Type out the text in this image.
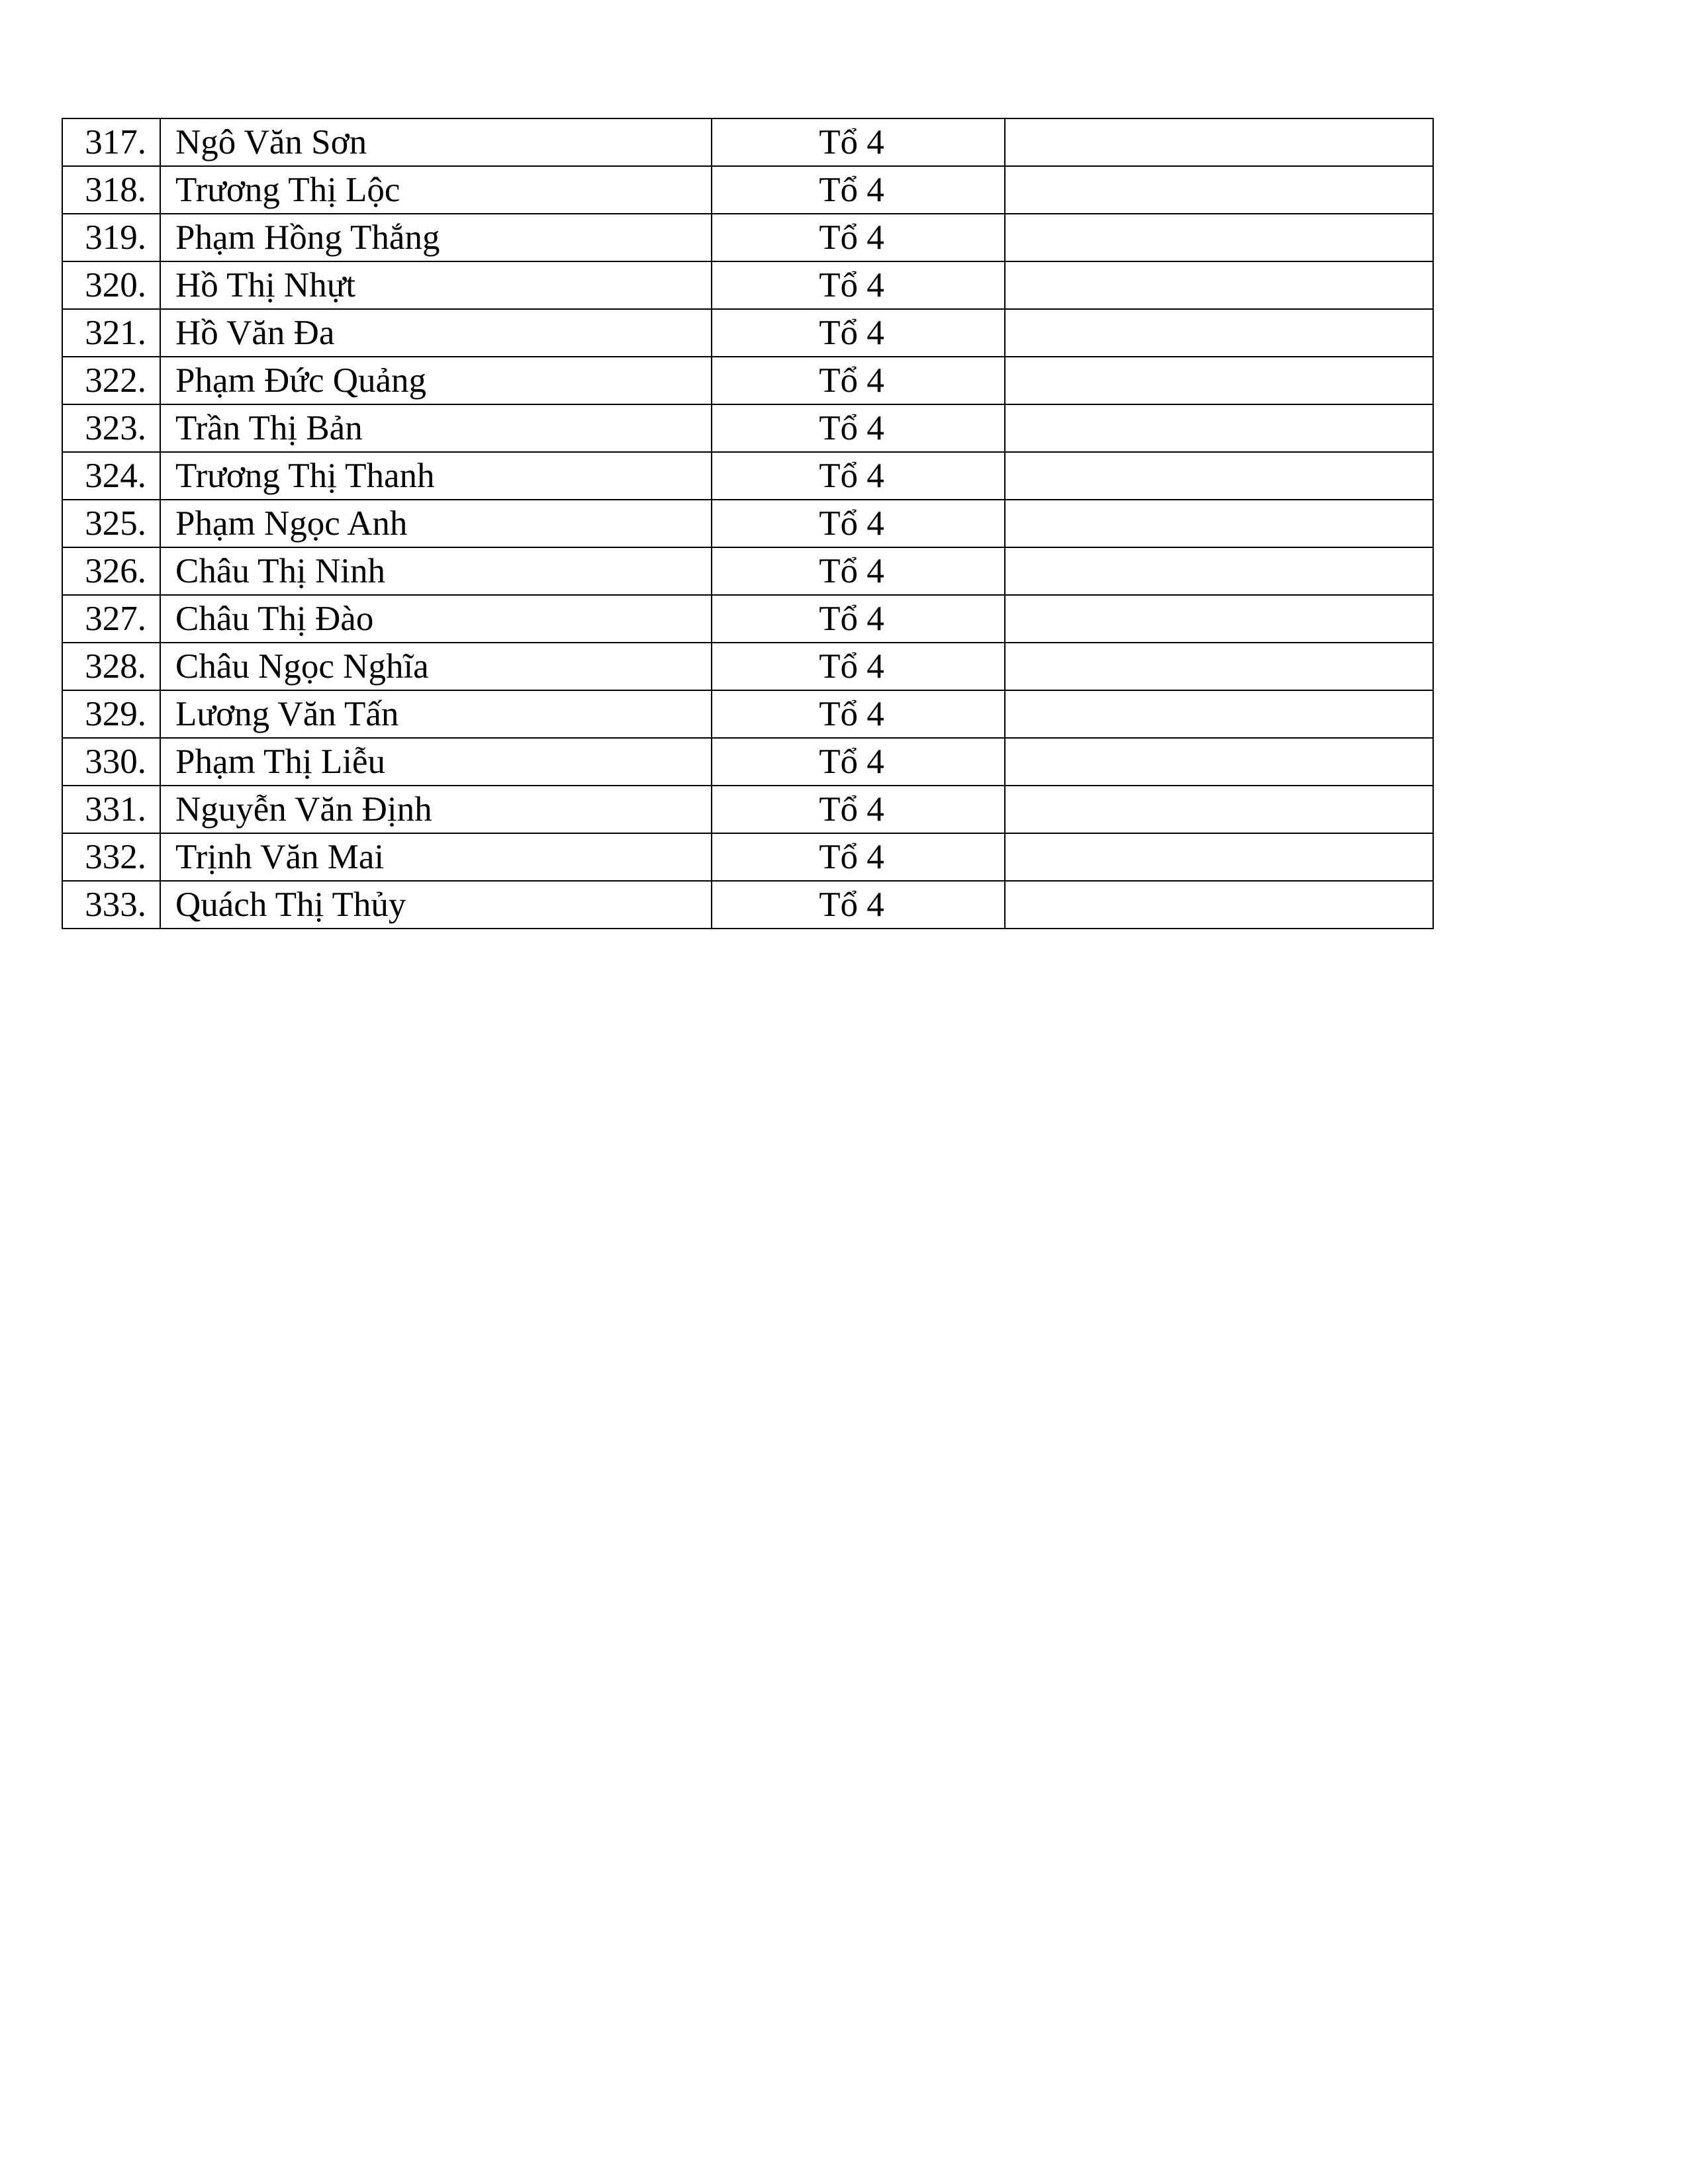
317.	Ngô Văn Sơn	Tổ 4	
318.	Trương Thị Lộc	Tổ 4	
319.	Phạm Hồng Thắng	Tổ 4	
320.	Hồ Thị Nhựt	Tổ 4	
321.	Hồ Văn Đa	Tổ 4	
322.	Phạm Đức Quảng	Tổ 4	
323.	Trần Thị Bản	Tổ 4	
324.	Trương Thị Thanh	Tổ 4	
325.	Phạm Ngọc Anh	Tổ 4	
326.	Châu Thị Ninh	Tổ 4	
327.	Châu Thị Đào	Tổ 4	
328.	Châu Ngọc Nghĩa	Tổ 4	
329.	Lương Văn Tấn	Tổ 4	
330.	Phạm Thị Liễu	Tổ 4	
331.	Nguyễn Văn Định	Tổ 4	
332.	Trịnh Văn Mai	Tổ 4	
333.	Quách Thị Thủy	Tổ 4	
